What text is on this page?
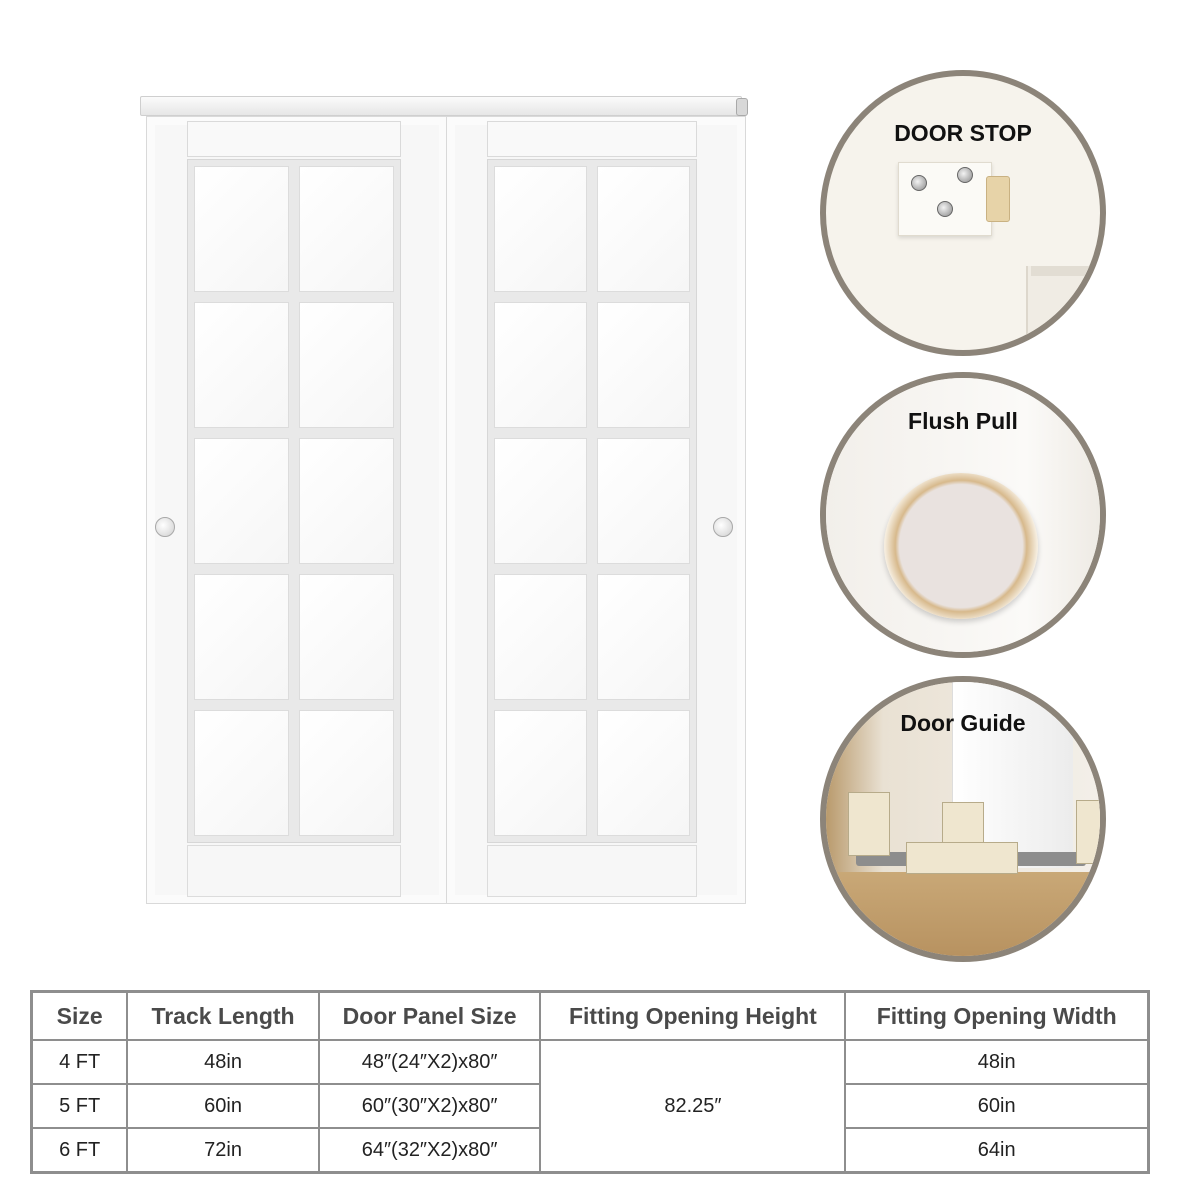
DOOR STOP
Flush Pull
Door Guide
Size	Track Length	Door Panel Size	Fitting Opening Height	Fitting Opening Width
4 FT	48in	48″(24″X2)x80″	82.25″	48in
5 FT	60in	60″(30″X2)x80″		60in
6 FT	72in	64″(32″X2)x80″		64in
